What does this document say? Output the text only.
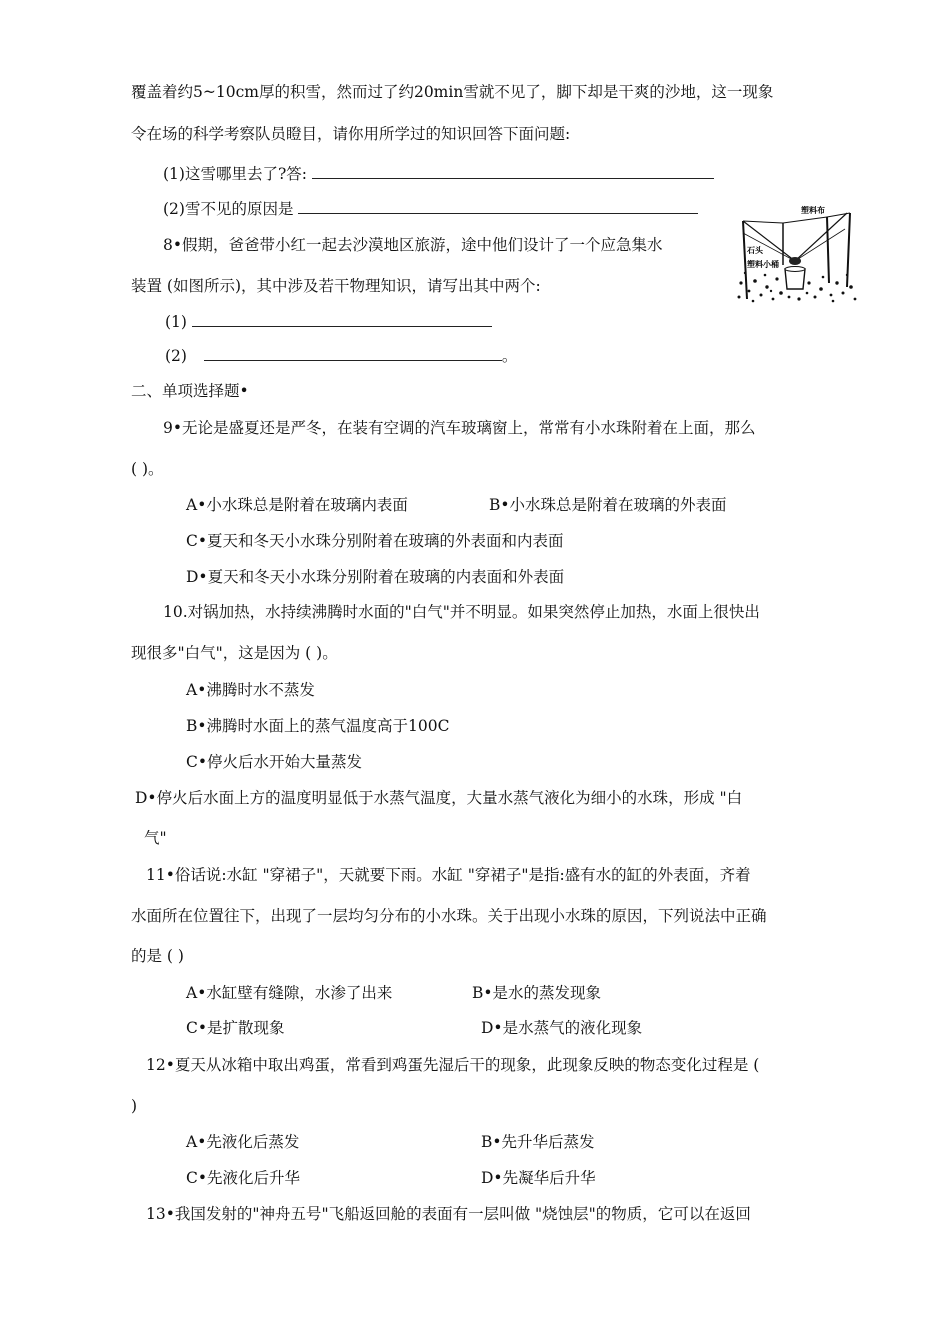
覆盖着约5~10cm厚的积雪，然而过了约20min雪就不见了，脚下却是干爽的沙地，这一现象
令在场的科学考察队员瞪目，请你用所学过的知识回答下面问题:
(1)这雪哪里去了?答:
(2)雪不见的原因是
8•假期，爸爸带小红一起去沙漠地区旅游，途中他们设计了一个应急集水
装置 (如图所示)，其中涉及若干物理知识，请写出其中两个:
(1)
(2)	。
塑料布
石头
塑料小桶
二、单项选择题•
9•无论是盛夏还是严冬，在装有空调的汽车玻璃窗上，常常有小水珠附着在上面，那么
( )。
A•小水珠总是附着在玻璃内表面	B•小水珠总是附着在玻璃的外表面
C•夏天和冬天小水珠分别附着在玻璃的外表面和内表面
D•夏天和冬天小水珠分别附着在玻璃的内表面和外表面
10.对锅加热，水持续沸腾时水面的"白气"并不明显。如果突然停止加热，水面上很快出
现很多"白气"，这是因为 ( )。
A•沸腾时水不蒸发
B•沸腾时水面上的蒸气温度高于100C
C•停火后水开始大量蒸发
D•停火后水面上方的温度明显低于水蒸气温度，大量水蒸气液化为细小的水珠，形成 "白
气"
11•俗话说:水缸 "穿裙子"，天就要下雨。水缸 "穿裙子"是指:盛有水的缸的外表面，齐着
水面所在位置往下，出现了一层均匀分布的小水珠。关于出现小水珠的原因，下列说法中正确
的是 ( )
A•水缸壁有缝隙，水渗了出来	B•是水的蒸发现象
C•是扩散现象	D•是水蒸气的液化现象
12•夏天从冰箱中取出鸡蛋，常看到鸡蛋先湿后干的现象，此现象反映的物态变化过程是 (
)
A•先液化后蒸发	B•先升华后蒸发
C•先液化后升华	D•先凝华后升华
13•我国发射的"神舟五号"飞船返回舱的表面有一层叫做 "烧蚀层"的物质，它可以在返回
